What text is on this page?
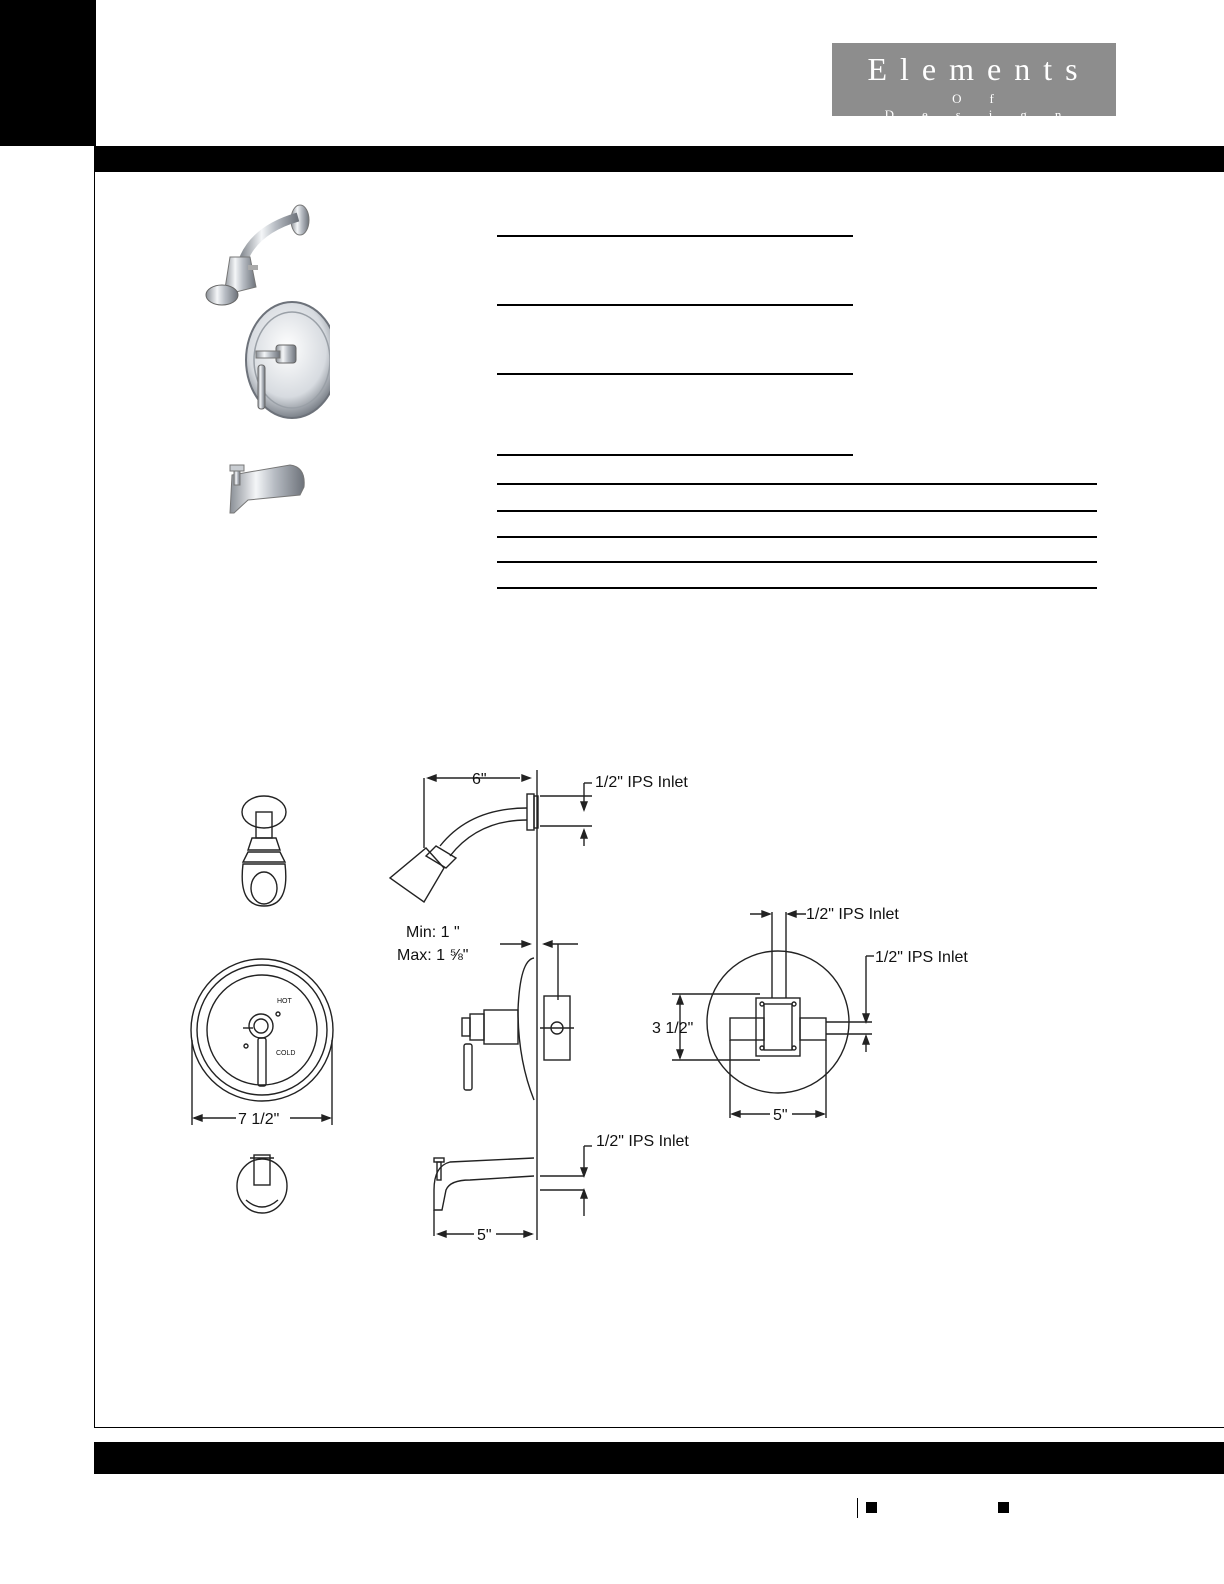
Elements
Of Design
6"	1/2" IPS Inlet
Min: 1 "
Max: 1 ⅝"
1/2" IPS Inlet
1/2" IPS Inlet
3 1/2"
5"
7 1/2"
1/2" IPS Inlet
5"
HOT
COLD
